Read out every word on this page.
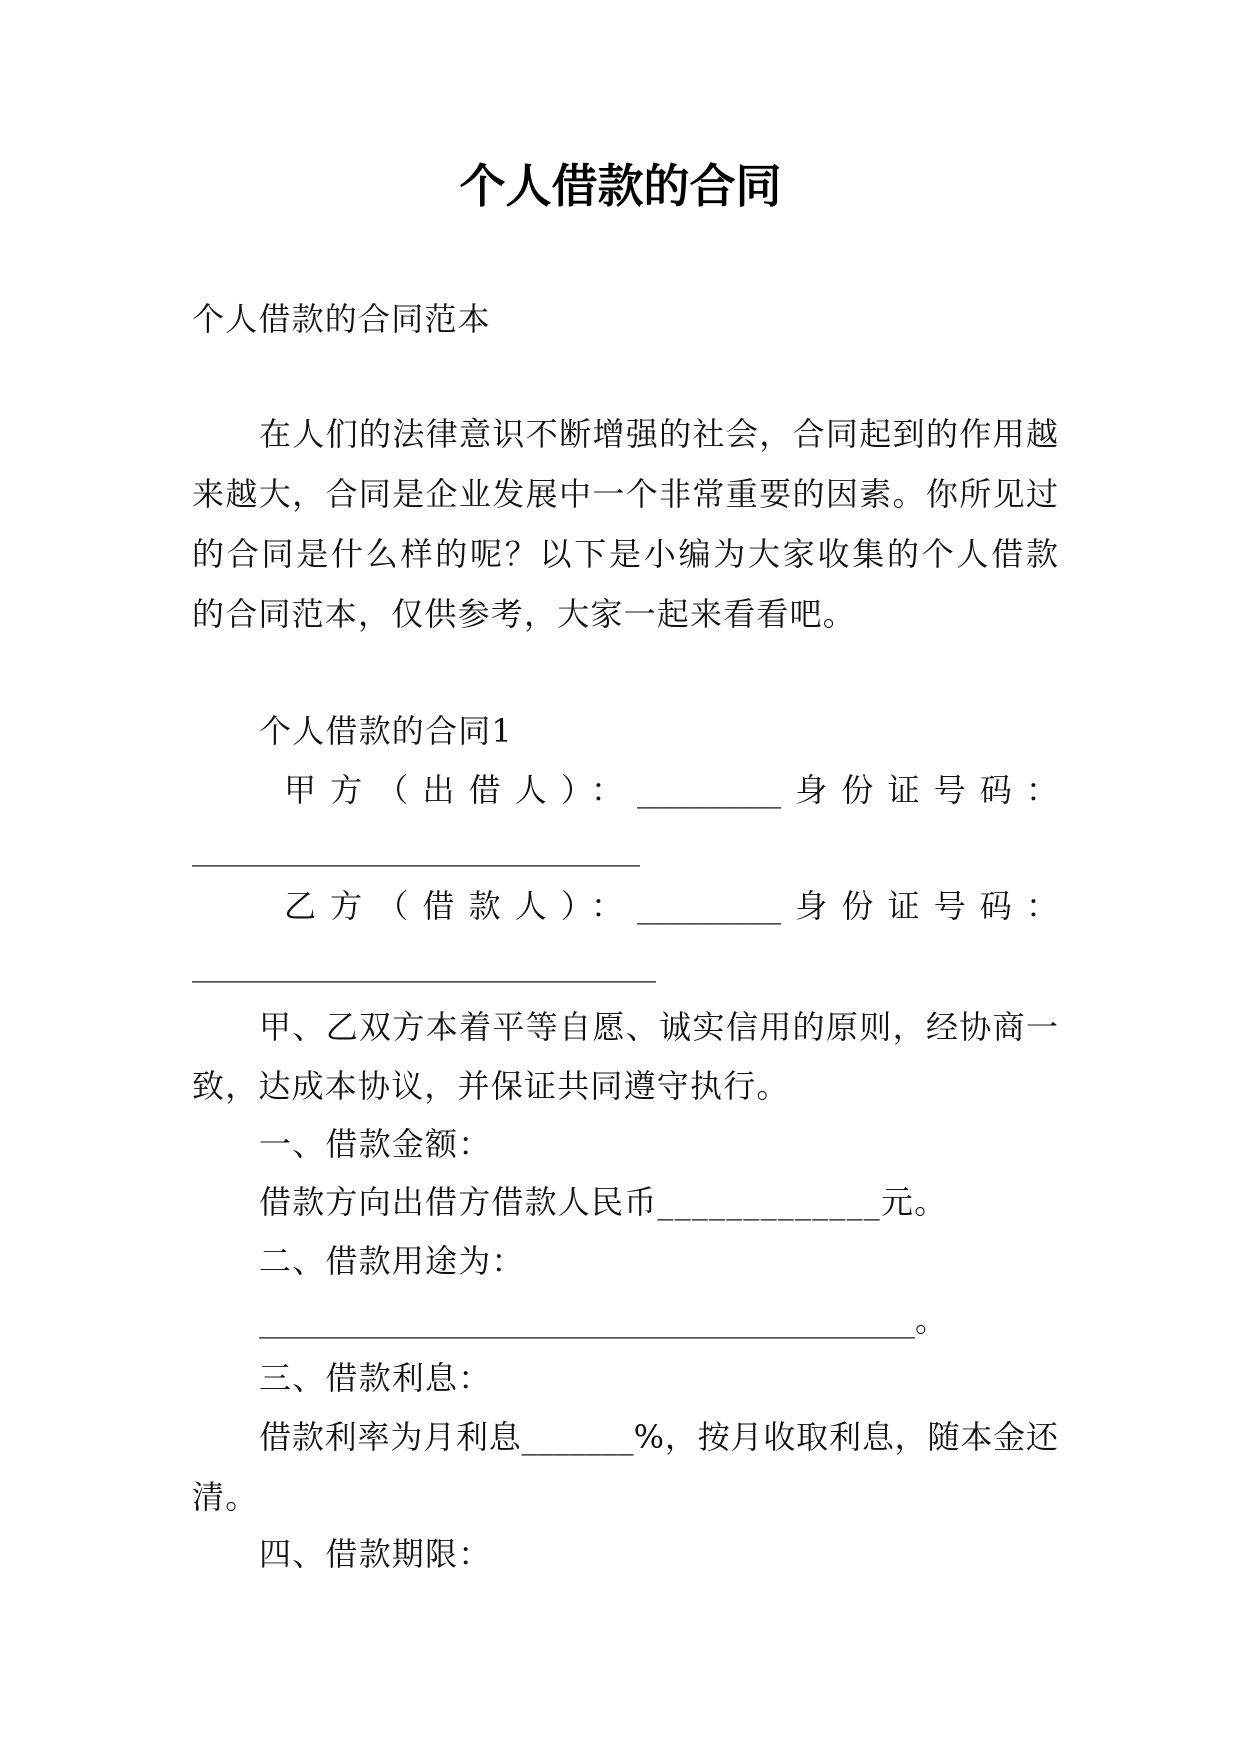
个人借款的合同
个人借款的合同范本
在人们的法律意识不断增强的社会，合同起到的作用越
来越大，合同是企业发展中一个非常重要的因素。你所见过
的合同是什么样的呢？以下是小编为大家收集的个人借款
的合同范本，仅供参考，大家一起来看看吧。
个人借款的合同1
甲方（出借人）：_________身份证号码：
____________________________
乙方（借款人）：_________身份证号码：
_____________________________
甲、乙双方本着平等自愿、诚实信用的原则，经协商一
致，达成本协议，并保证共同遵守执行。
一、借款金额：
借款方向出借方借款人民币_____________元。
二、借款用途为：
_________________________________________。
三、借款利息：
借款利率为月利息_______%，按月收取利息，随本金还
清。
四、借款期限：
